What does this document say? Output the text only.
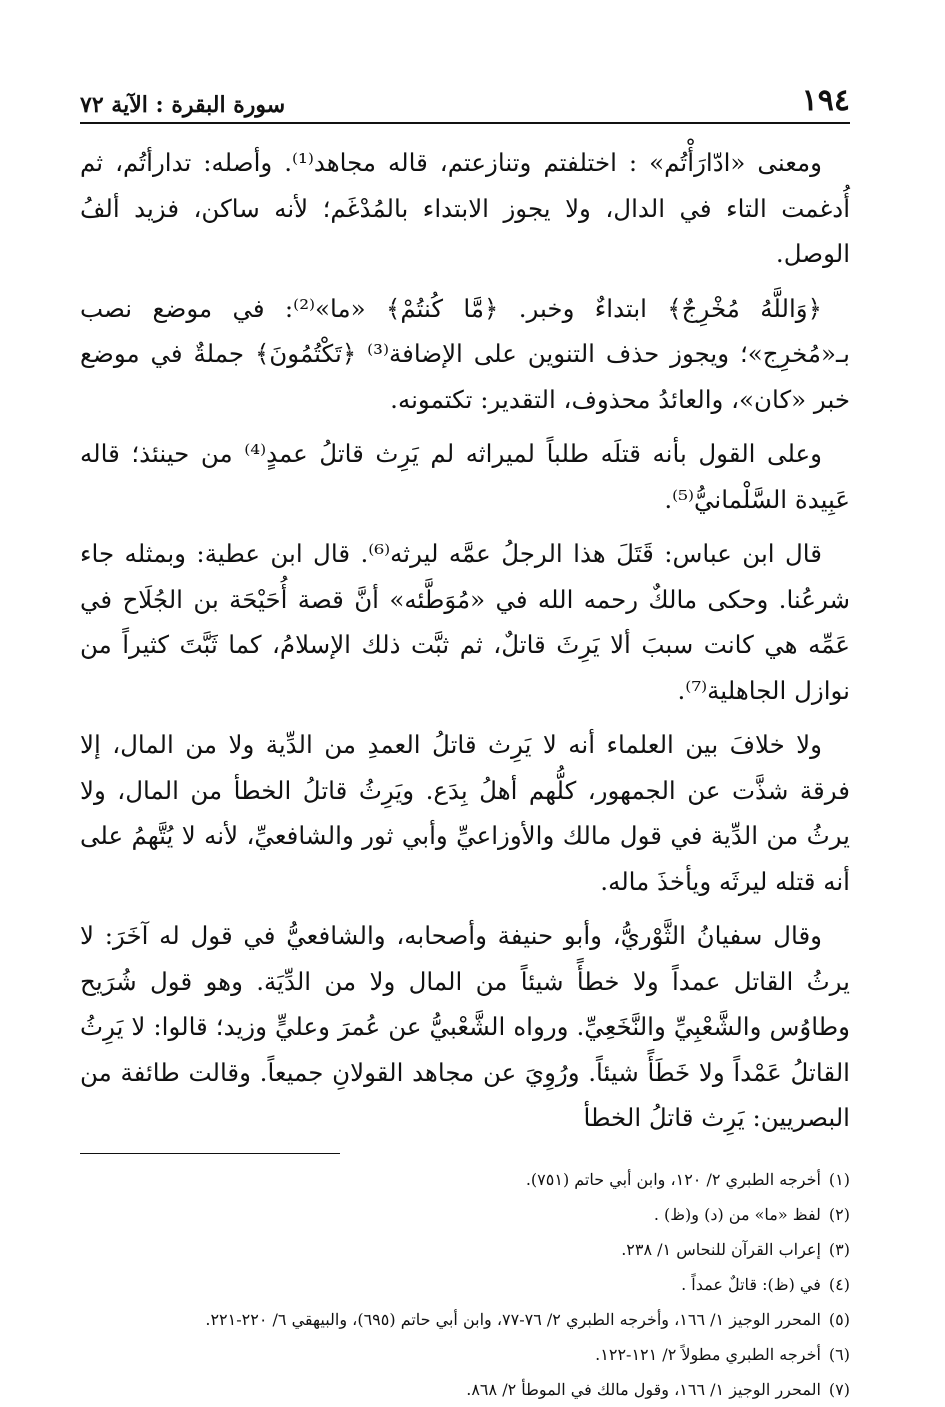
١٩٤
سورة البقرة : الآية ٧٢

ومعنى «ادّارَأْتُم» : اختلفتم وتنازعتم، قاله مجاهد⁽¹⁾. وأصله: تدارأتُم، ثم أُدغمت التاء في الدال، ولا يجوز الابتداء بالمُدْغَم؛ لأنه ساكن، فزيد ألفُ الوصل.

﴿وَاللَّهُ مُخْرِجٌ﴾ ابتداءٌ وخبر. ﴿مَّا كُنتُمْ﴾ «ما»⁽²⁾: في موضع نصب بـ«مُخرِج»؛ ويجوز حذف التنوين على الإضافة⁽³⁾ ﴿تَكْتُمُونَ﴾ جملةٌ في موضع خبر «كان»، والعائدُ محذوف، التقدير: تكتمونه.

وعلى القول بأنه قتلَه طلباً لميراثه لم يَرِث قاتلُ عمدٍ⁽⁴⁾ من حينئذ؛ قاله عَبِيدة السَّلْمانيُّ⁽⁵⁾.

قال ابن عباس: قَتَلَ هذا الرجلُ عمَّه ليرثه⁽⁶⁾. قال ابن عطية: وبمثله جاء شرعُنا. وحكى مالكٌ رحمه الله في «مُوَطَّئه» أنَّ قصة أُحَيْحَة بن الجُلَاح في عَمِّه هي كانت سببَ ألا يَرِثَ قاتلٌ، ثم ثبَّت ذلك الإسلامُ، كما ثَبَّتَ كثيراً من نوازل الجاهلية⁽⁷⁾.

ولا خلافَ بين العلماء أنه لا يَرِث قاتلُ العمدِ من الدِّية ولا من المال، إلا فرقة شذَّت عن الجمهور، كلُّهم أهلُ بِدَع. ويَرِثُ قاتلُ الخطأ من المال، ولا يرثُ من الدِّية في قول مالك والأوزاعيِّ وأبي ثور والشافعيِّ، لأنه لا يُتَّهمُ على أنه قتله ليرثَه ويأخذَ ماله.

وقال سفيانُ الثَّوْريُّ، وأبو حنيفة وأصحابه، والشافعيُّ في قول له آخَرَ: لا يرثُ القاتل عمداً ولا خطأً شيئاً من المال ولا من الدِّيَة. وهو قول شُرَيح وطاوُس والشَّعْبِيِّ والنَّخَعِيِّ. ورواه الشَّعْبيُّ عن عُمرَ وعليٍّ وزيد؛ قالوا: لا يَرِثُ القاتلُ عَمْداً ولا خَطَأً شيئاً. ورُوِيَ عن مجاهد القولانِ جميعاً. وقالت طائفة من البصريين: يَرِث قاتلُ الخطأ

(١)
أخرجه الطبري ٢/ ١٢٠، وابن أبي حاتم (٧٥١).
(٢)
لفظ «ما» من (د) و(ظ) .
(٣)
إعراب القرآن للنحاس ١/ ٢٣٨.
(٤)
في (ظ): قاتلٌ عمداً .
(٥)
المحرر الوجيز ١/ ١٦٦، وأخرجه الطبري ٢/ ٧٦-٧٧، وابن أبي حاتم (٦٩٥)، والبيهقي ٦/ ٢٢٠-٢٢١.
(٦)
أخرجه الطبري مطولاً ٢/ ١٢١-١٢٢.
(٧)
المحرر الوجيز ١/ ١٦٦، وقول مالك في الموطأ ٢/ ٨٦٨.
